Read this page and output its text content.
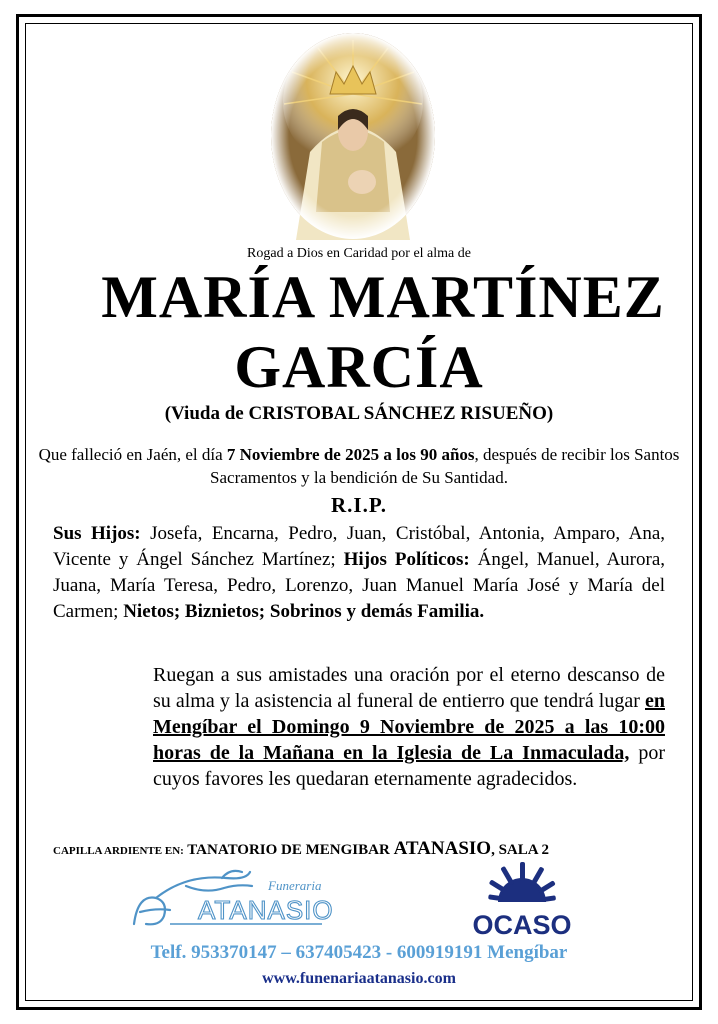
Rogad a Dios en Caridad por el alma de

MARÍA MARTÍNEZ

GARCÍA

(Viuda de CRISTOBAL SÁNCHEZ RISUEÑO)

Que falleció en Jaén, el día 7 Noviembre de 2025 a los 90 años, después de recibir los Santos Sacramentos y la bendición de Su Santidad.

R.I.P.

Sus Hijos: Josefa, Encarna, Pedro, Juan, Cristóbal, Antonia, Amparo, Ana, Vicente y Ángel Sánchez Martínez; Hijos Políticos: Ángel, Manuel, Aurora, Juana, María Teresa, Pedro, Lorenzo, Juan Manuel María José y María del Carmen; Nietos; Biznietos; Sobrinos y demás Familia.

Ruegan a sus amistades una oración por el eterno descanso de su alma y la asistencia al funeral de entierro que tendrá lugar en Mengíbar el Domingo 9 Noviembre de 2025 a las 10:00 horas de la Mañana en la Iglesia de La Inmaculada, por cuyos favores les quedaran eternamente agradecidos.

CAPILLA ARDIENTE EN: TANATORIO DE MENGIBAR ATANASIO, SALA 2

Funeraria
ATANASIO	OCASO

Telf. 953370147 – 637405423 - 600919191 Mengíbar

www.funenariaatanasio.com
